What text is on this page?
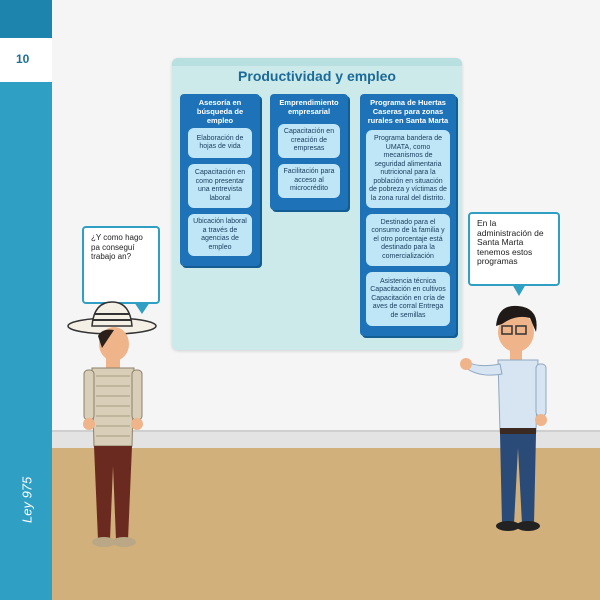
10
Ley 975
Productividad y empleo
Asesoría en búsqueda de empleo
Elaboración de hojas de vida
Capacitación en como presentar una entrevista laboral
Ubicación laboral a través de agencias de empleo
Emprendimiento empresarial
Capacitación en creación de empresas
Facilitación para acceso al microcrédito
Programa de Huertas Caseras para zonas rurales en Santa Marta
Programa bandera de UMATA, como mecanismos de seguridad alimentaria nutricional para la población en situación de pobreza y víctimas de la zona rural del distrito.
Destinado para el consumo de la familia y el otro porcentaje está destinado para la comercialización
Asistencia técnica Capacitación en cultivos Capacitación en cría de aves de corral Entrega de semillas
¿Y como hago pa conseguí trabajo an?
En la administración de Santa Marta tenemos estos programas
